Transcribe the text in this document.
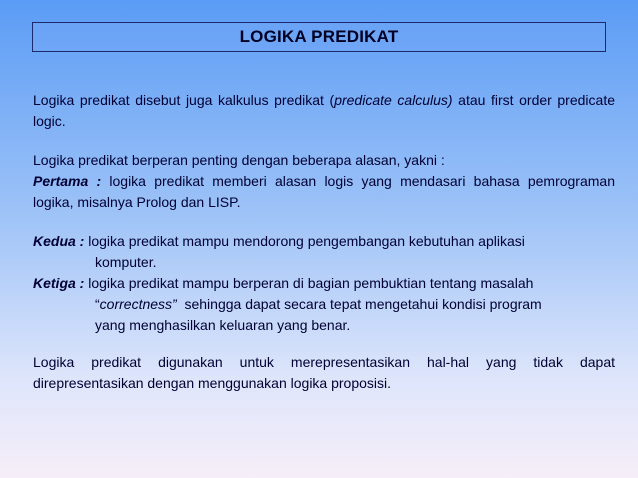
LOGIKA PREDIKAT

Logika predikat disebut juga kalkulus predikat (predicate calculus) atau first order predicate logic.

Logika predikat berperan penting dengan beberapa alasan, yakni :

Pertama : logika predikat memberi alasan logis yang mendasari bahasa pemrograman logika, misalnya Prolog dan LISP.

Kedua : logika predikat mampu mendorong pengembangan kebutuhan aplikasi

komputer.

Ketiga : logika predikat mampu berperan di bagian pembuktian tentang masalah

“correctness”  sehingga dapat secara tepat mengetahui kondisi program

yang menghasilkan keluaran yang benar.

Logika predikat digunakan untuk merepresentasikan hal-hal yang tidak dapat direpresentasikan dengan menggunakan logika proposisi.
